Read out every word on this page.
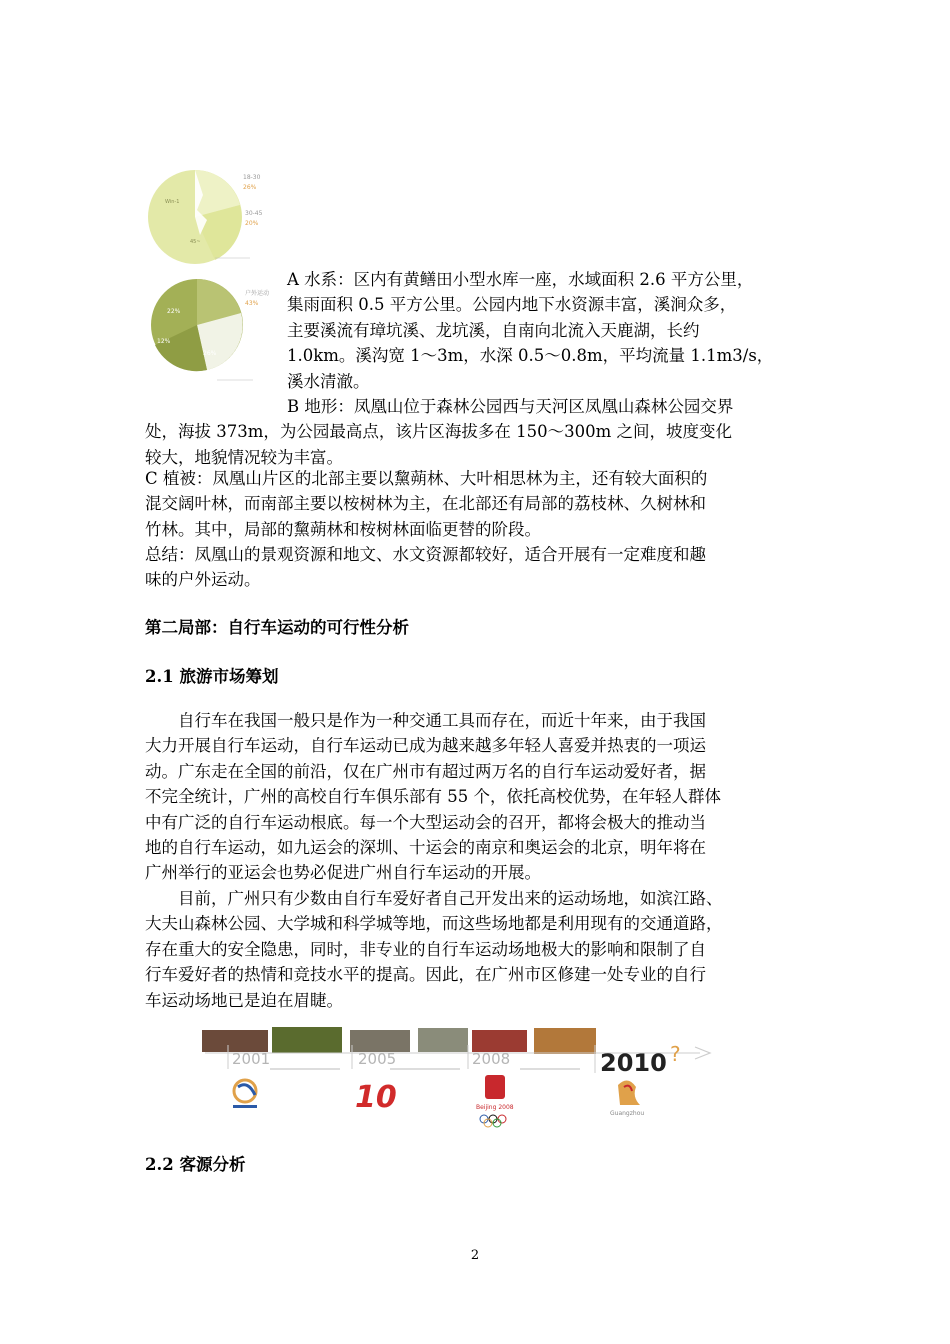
18-30
26%
30-45
20%
Win-1
45~
户外运动
43%
22%
12%
26%
A 水系：区内有黄鳝田小型水库一座，水域面积 2.6 平方公里，
集雨面积 0.5 平方公里。公园内地下水资源丰富，溪涧众多，
主要溪流有璋坑溪、龙坑溪，自南向北流入天鹿湖，长约
1.0km。溪沟宽 1～3m，水深 0.5～0.8m，平均流量 1.1m3/s，
溪水清澈。
B 地形：凤凰山位于森林公园西与天河区凤凰山森林公园交界
处，海拔 373m，为公园最高点，该片区海拔多在 150～300m 之间，坡度变化
较大，地貌情况较为丰富。
C 植被：凤凰山片区的北部主要以黧蒴林、大叶相思林为主，还有较大面积的
混交阔叶林，而南部主要以桉树林为主，在北部还有局部的荔枝林、久树林和
竹林。其中，局部的黧蒴林和桉树林面临更替的阶段。
总结：凤凰山的景观资源和地文、水文资源都较好，适合开展有一定难度和趣
味的户外运动。
第二局部：自行车运动的可行性分析
2.1 旅游市场筹划
　　自行车在我国一般只是作为一种交通工具而存在，而近十年来，由于我国
大力开展自行车运动，自行车运动已成为越来越多年轻人喜爱并热衷的一项运
动。广东走在全国的前沿，仅在广州市有超过两万名的自行车运动爱好者，据
不完全统计，广州的高校自行车俱乐部有 55 个，依托高校优势，在年轻人群体
中有广泛的自行车运动根底。每一个大型运动会的召开，都将会极大的推动当
地的自行车运动，如九运会的深圳、十运会的南京和奥运会的北京，明年将在
广州举行的亚运会也势必促进广州自行车运动的开展。
　　目前，广州只有少数由自行车爱好者自己开发出来的运动场地，如滨江路、
大夫山森林公园、大学城和科学城等地，而这些场地都是利用现有的交通道路，
存在重大的安全隐患，同时，非专业的自行车运动场地极大的影响和限制了自
行车爱好者的热情和竞技水平的提高。因此，在广州市区修建一处专业的自行
车运动场地已是迫在眉睫。
2001	2005	2008	2010 ?
10	Beijing 2008
Guangzhou
2.2 客源分析
2
